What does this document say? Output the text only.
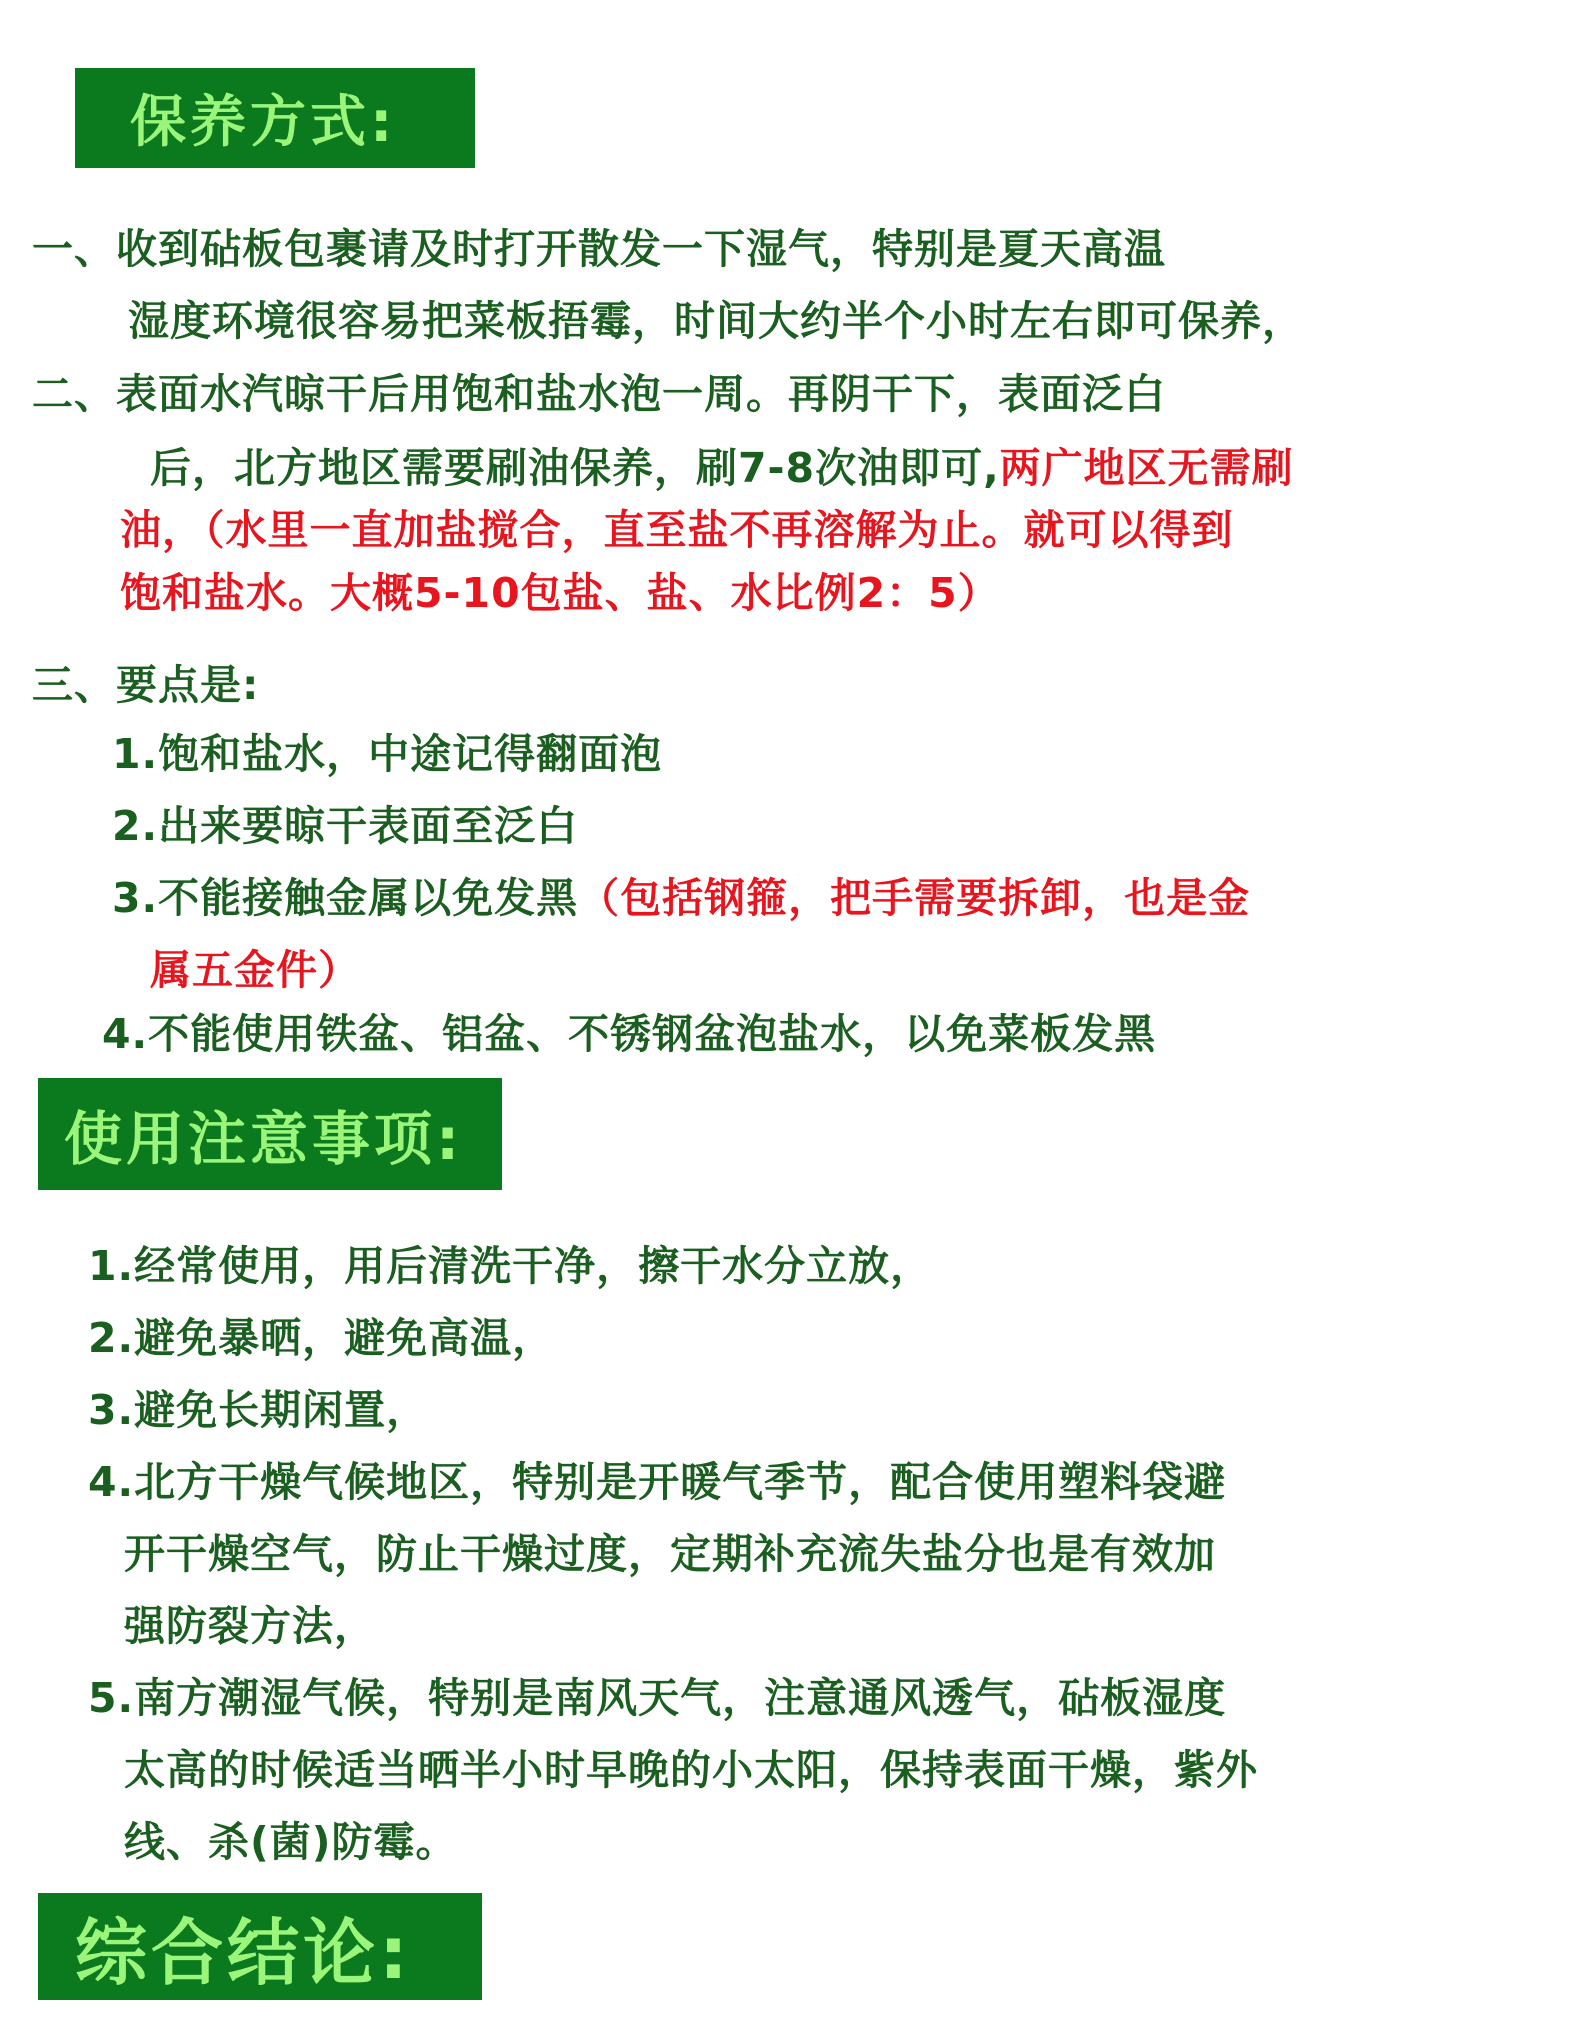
保养方式:
一、收到砧板包裹请及时打开散发一下湿气，特别是夏天高温
湿度环境很容易把菜板捂霉，时间大约半个小时左右即可保养，
二、表面水汽晾干后用饱和盐水泡一周。再阴干下，表面泛白
后，北方地区需要刷油保养，刷7-8次油即可,两广地区无需刷
油，（水里一直加盐搅合，直至盐不再溶解为止。就可以得到
饱和盐水。大概5-10包盐、盐、水比例2：5）
三、要点是:
1.饱和盐水，中途记得翻面泡
2.出来要晾干表面至泛白
3.不能接触金属以免发黑（包括钢箍，把手需要拆卸，也是金
属五金件）
4.不能使用铁盆、铝盆、不锈钢盆泡盐水，以免菜板发黑
使用注意事项:
1.经常使用，用后清洗干净，擦干水分立放，
2.避免暴晒，避免高温，
3.避免长期闲置，
4.北方干燥气候地区，特别是开暖气季节，配合使用塑料袋避
开干燥空气，防止干燥过度，定期补充流失盐分也是有效加
强防裂方法，
5.南方潮湿气候，特别是南风天气，注意通风透气，砧板湿度
太高的时候适当晒半小时早晚的小太阳，保持表面干燥，紫外
线、杀(菌)防霉。
综合结论:
